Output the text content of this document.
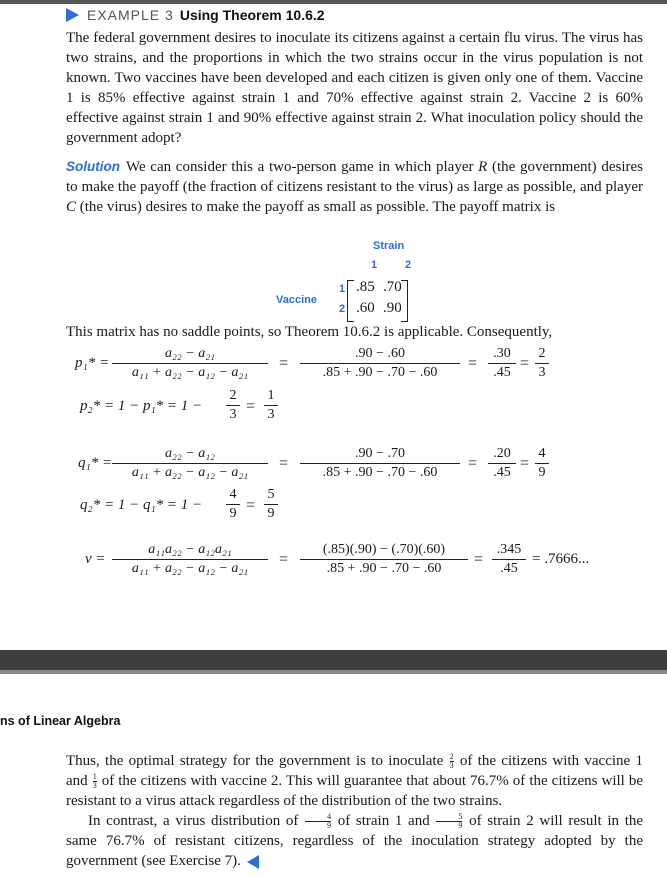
EXAMPLE 3 Using Theorem 10.6.2

The federal government desires to inoculate its citizens against a certain flu virus. The virus has two strains, and the proportions in which the two strains occur in the virus population is not known. Two vaccines have been developed and each citizen is given only one of them. Vaccine 1 is 85% effective against strain 1 and 70% effective against strain 2. Vaccine 2 is 60% effective against strain 1 and 90% effective against strain 2. What inoculation policy should the government adopt?

Solution We can consider this a two-person game in which player R (the government) desires to make the payoff (the fraction of citizens resistant to the virus) as large as possible, and player C (the virus) desires to make the payoff as small as possible. The payoff matrix is

Strain
1	2
Vaccine
1
2
.85 .70
.60 .90

This matrix has no saddle points, so Theorem 10.6.2 is applicable. Consequently,

$p_1* = \frac{\text{a₂₂ − a₂₁}}{\text{a₁₁ + a₂₂ − a₁₂ − a₂₁}} = \frac{.90 - .60}{.85 + .90 - .70 - .60} = \frac{.30}{.45} = \frac{2}{3}$
$p_2* = 1 - p_1* = 1 - \frac{2}{3} = \frac{1}{3}$
$q_1* = \frac{\text{a₂₂ − a₁₂}}{\text{a₁₁ + a₂₂ − a₁₂ − a₂₁}} = \frac{.90 - .70}{.85 + .90 - .70 - .60} = \frac{.20}{.45} = \frac{4}{9}$
$q_2* = 1 - q_1* = 1 - \frac{4}{9} = \frac{5}{9}$
$v = \frac{\text{a₁₁a₂₂ − a₁₂a₂₁}}{\text{a₁₁ + a₂₂ − a₁₂ − a₂₁}} = \frac{(.85)(.90) - (.70)(.60)}{.85 + .90 - .70 - .60} = \frac{.345}{.45} = .7666$...
ns of Linear Algebra

Thus, the optimal strategy for the government is to inoculate $\frac{2}{3}$ of the citizens with vaccine 1 and $\frac{1}{3}$ of the citizens with vaccine 2. This will guarantee that about 76.7% of the citizens will be resistant to a virus attack regardless of the distribution of the two strains.

In contrast, a virus distribution of $\frac{4}{9}$ of strain 1 and $\frac{5}{9}$ of strain 2 will result in the same 76.7% of resistant citizens, regardless of the inoculation strategy adopted by the government (see Exercise 7).
